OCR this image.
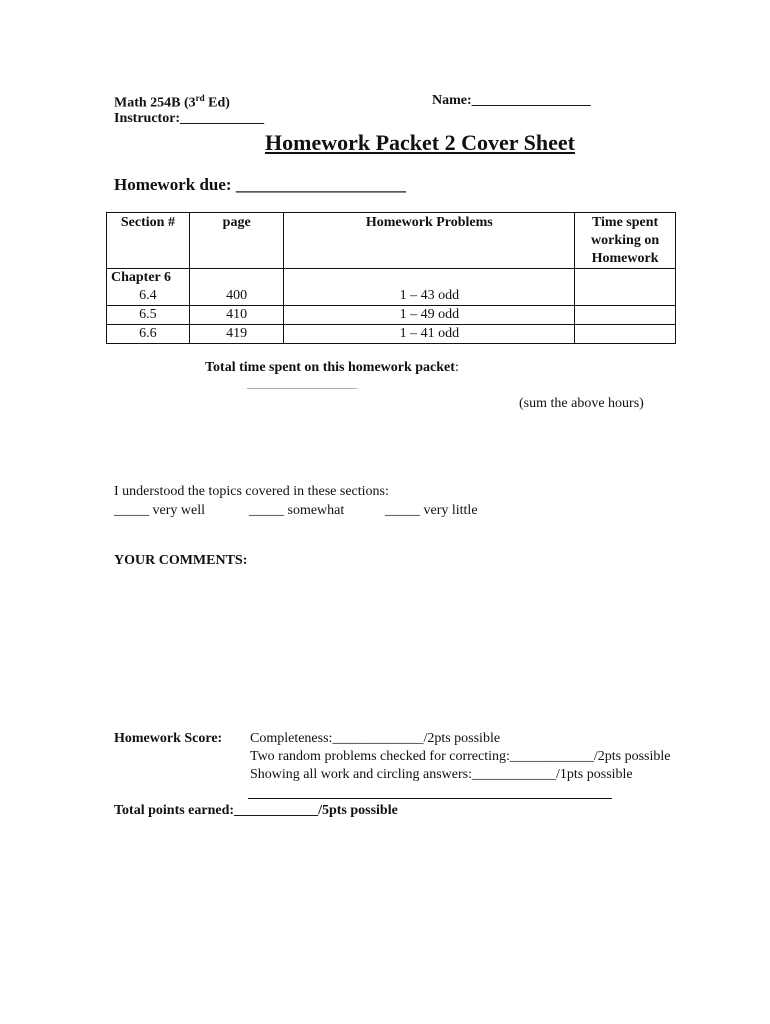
Math 254B (3rd Ed)
Instructor:____________
Name:_________________
Homework Packet 2 Cover Sheet
Homework due: ____________________
Section #	page	Homework Problems	Time spent working on Homework
Chapter 6			
6.4	400	1 – 43 odd	
6.5	410	1 – 49 odd	
6.6	419	1 – 41 odd	
Total time spent on this homework packet:
____________________
(sum the above hours)
I understood the topics covered in these sections:
_____ very well	_____ somewhat	_____ very little
YOUR COMMENTS:
Homework Score: Completeness:_____________/2pts possible
Two random problems checked for correcting:____________/2pts possible
Showing all work and circling answers:____________/1pts possible
Total points earned:____________/5pts possible
